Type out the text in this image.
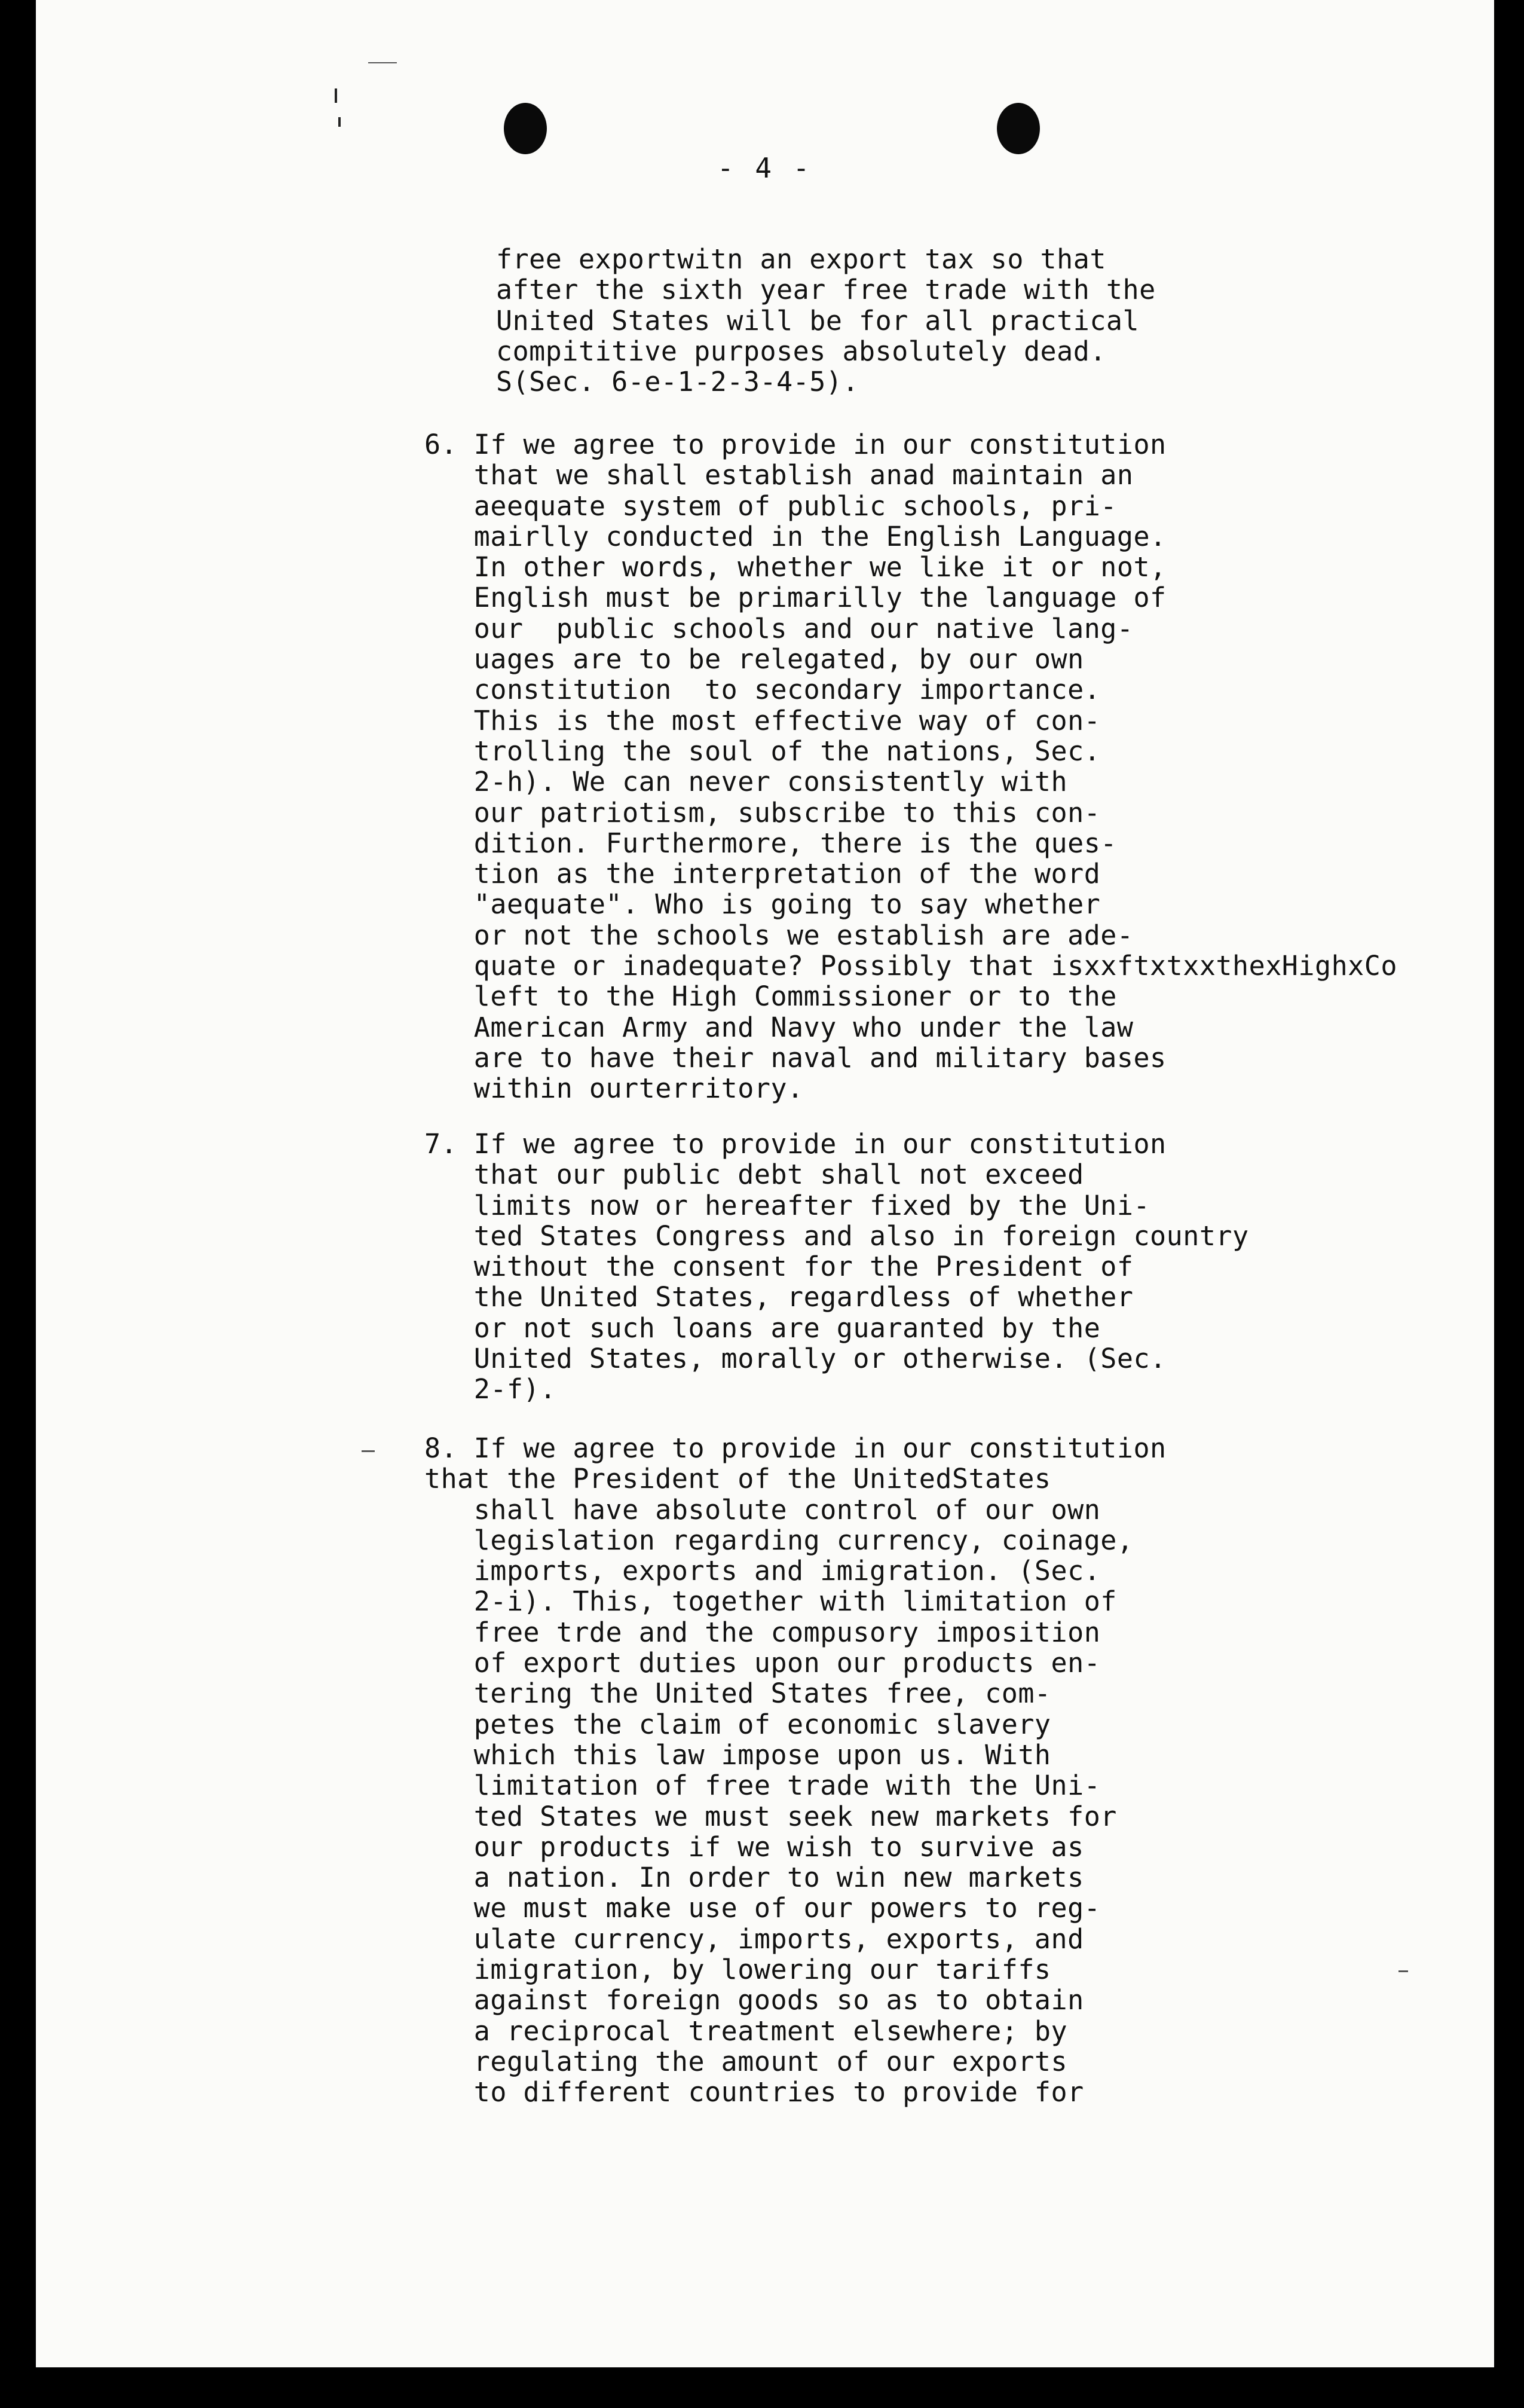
- 4 -

free exportwitn an export tax so that
after the sixth year free trade with the
United States will be for all practical
compititive purposes absolutely dead.
S(Sec. 6-e-1-2-3-4-5).

6. If we agree to provide in our constitution
that we shall establish anad maintain an
aeequate system of public schools, pri-
mairlly conducted in the English Language.
In other words, whether we like it or not,
English must be primarilly the language of
our  public schools and our native lang-
uages are to be relegated, by our own
constitution  to secondary importance.
This is the most effective way of con-
trolling the soul of the nations, Sec.
2-h). We can never consistently with
our patriotism, subscribe to this con-
dition. Furthermore, there is the ques-
tion as the interpretation of the word
"aequate". Who is going to say whether
or not the schools we establish are ade-
quate or inadequate? Possibly that isxxftxtxxthexHighxCo
left to the High Commissioner or to the
American Army and Navy who under the law
are to have their naval and military bases
within ourterritory.

7. If we agree to provide in our constitution
that our public debt shall not exceed
limits now or hereafter fixed by the Uni-
ted States Congress and also in foreign country
without the consent for the President of
the United States, regardless of whether
or not such loans are guaranted by the
United States, morally or otherwise. (Sec.
2-f).

8. If we agree to provide in our constitution
that the President of the UnitedStates
shall have absolute control of our own
legislation regarding currency, coinage,
imports, exports and imigration. (Sec.
2-i). This, together with limitation of
free trde and the compusory imposition
of export duties upon our products en-
tering the United States free, com-
petes the claim of economic slavery
which this law impose upon us. With
limitation of free trade with the Uni-
ted States we must seek new markets for
our products if we wish to survive as
a nation. In order to win new markets
we must make use of our powers to reg-
ulate currency, imports, exports, and
imigration, by lowering our tariffs
against foreign goods so as to obtain
a reciprocal treatment elsewhere; by
regulating the amount of our exports
to different countries to provide for
